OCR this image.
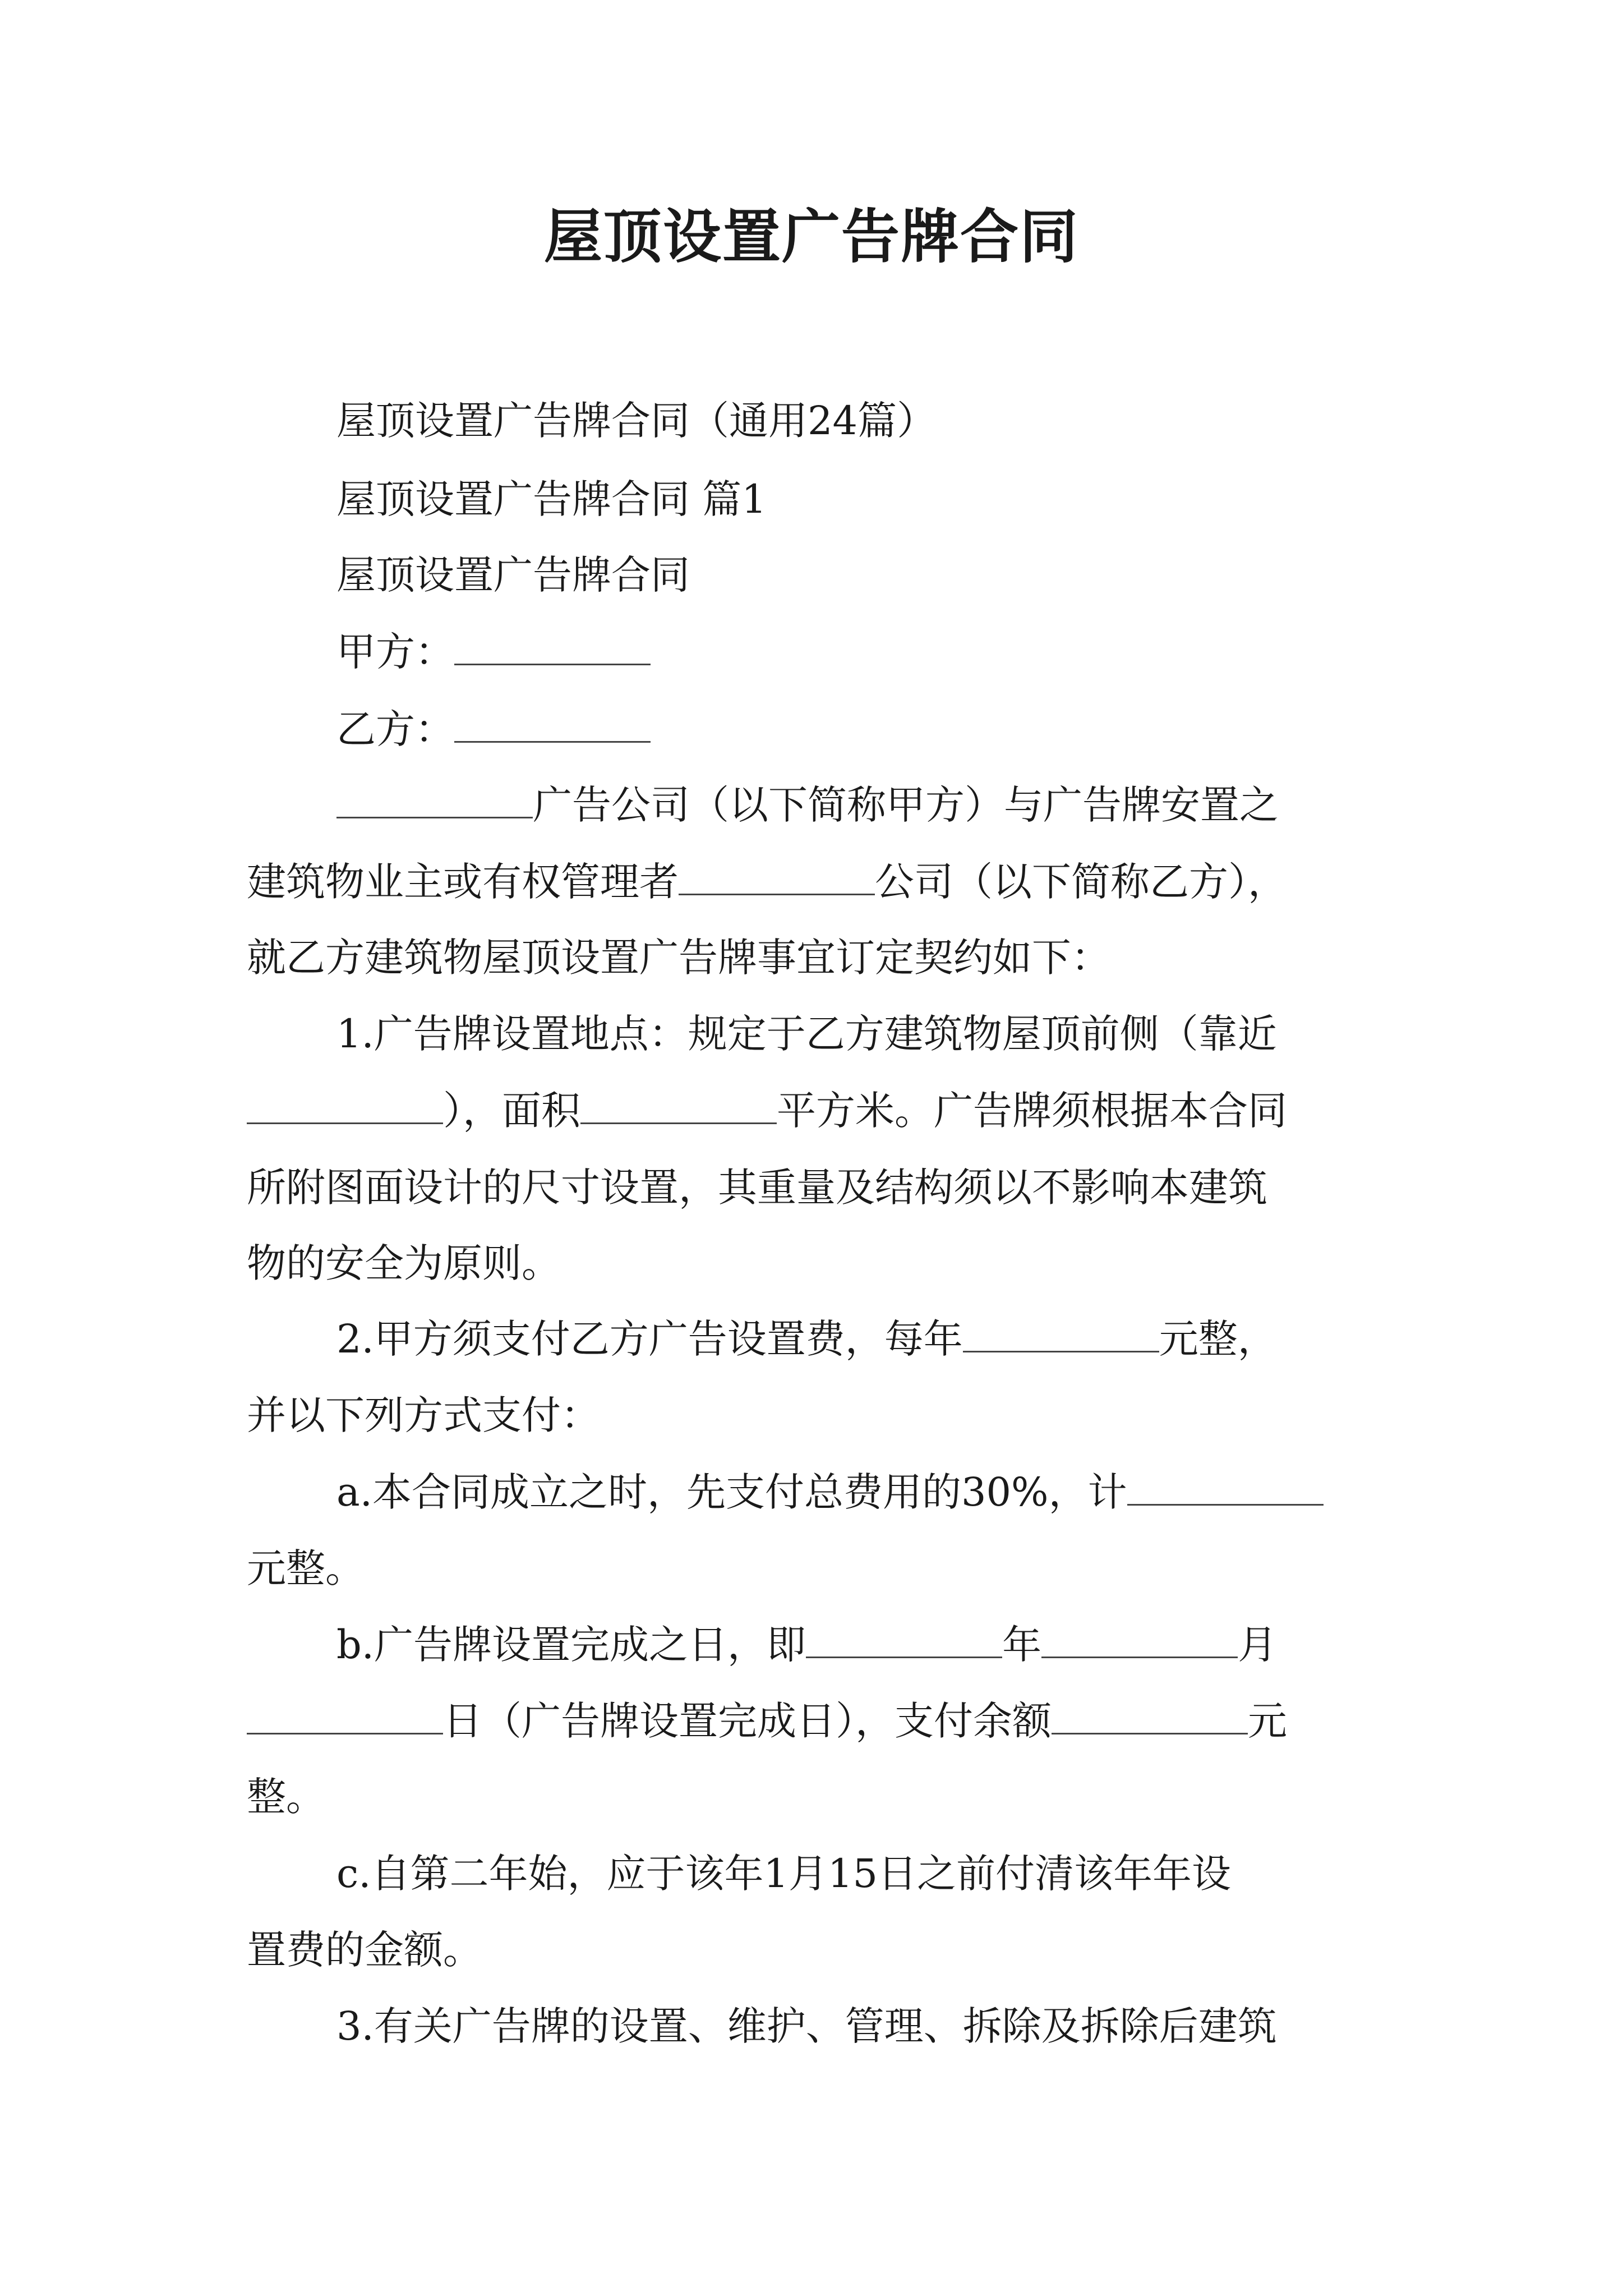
屋顶设置广告牌合同
屋顶设置广告牌合同（通用24篇）
屋顶设置广告牌合同 篇1
屋顶设置广告牌合同
甲方：
乙方：
广告公司（以下简称甲方）与广告牌安置之
建筑物业主或有权管理者	公司（以下简称乙方），
就乙方建筑物屋顶设置广告牌事宜订定契约如下：
1.广告牌设置地点：规定于乙方建筑物屋顶前侧（靠近
），面积	平方米。广告牌须根据本合同
所附图面设计的尺寸设置，其重量及结构须以不影响本建筑
物的安全为原则。
2.甲方须支付乙方广告设置费，每年	元整，
并以下列方式支付：
a.本合同成立之时，先支付总费用的30%，计
元整。
b.广告牌设置完成之日，即	年	月
日（广告牌设置完成日），支付余额	元
整。
c.自第二年始，应于该年1月15日之前付清该年年设
置费的金额。
3.有关广告牌的设置、维护、管理、拆除及拆除后建筑
